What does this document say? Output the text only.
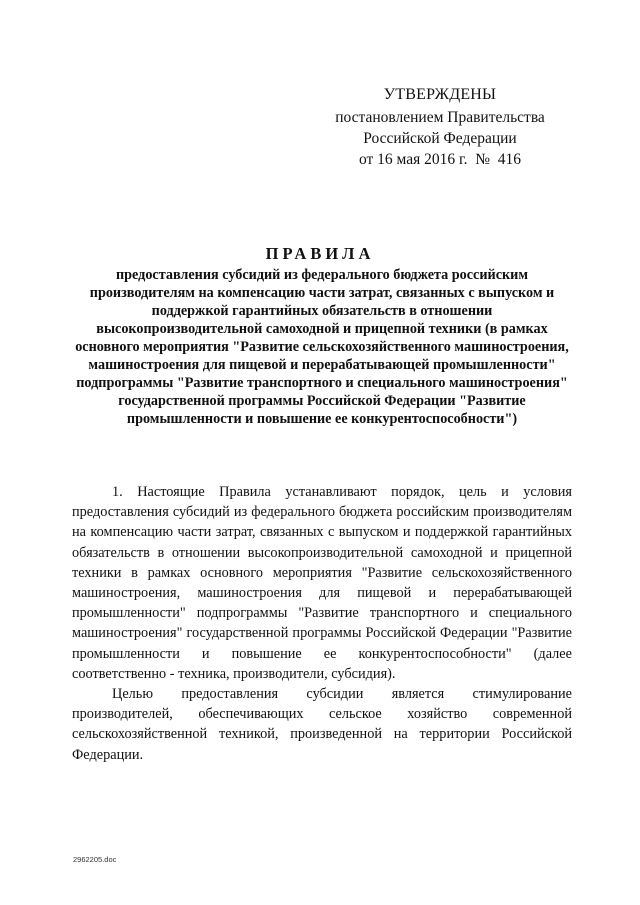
УТВЕРЖДЕНЫ
постановлением Правительства
Российской Федерации
от 16 мая 2016 г.  №  416
ПРАВИЛА
предоставления субсидий из федерального бюджета российским производителям на компенсацию части затрат, связанных с выпуском и поддержкой гарантийных обязательств в отношении высокопроизводительной самоходной и прицепной техники (в рамках основного мероприятия "Развитие сельскохозяйственного машиностроения, машиностроения для пищевой и перерабатывающей промышленности" подпрограммы "Развитие транспортного и специального машиностроения" государственной программы Российской Федерации "Развитие промышленности и повышение ее конкурентоспособности")

1. Настоящие Правила устанавливают порядок, цель и условия предоставления субсидий из федерального бюджета российским производителям на компенсацию части затрат, связанных с выпуском и поддержкой гарантийных обязательств в отношении высокопроизводительной самоходной и прицепной техники в рамках основного мероприятия "Развитие сельскохозяйственного машиностроения, машиностроения для пищевой и перерабатывающей промышленности" подпрограммы "Развитие транспортного и специального машиностроения" государственной программы Российской Федерации "Развитие промышленности и повышение ее конкурентоспособности" (далее соответственно - техника, производители, субсидия).

Целью предоставления субсидии является стимулирование производителей, обеспечивающих сельское хозяйство современной сельскохозяйственной техникой, произведенной на территории Российской Федерации.

2962205.doc
